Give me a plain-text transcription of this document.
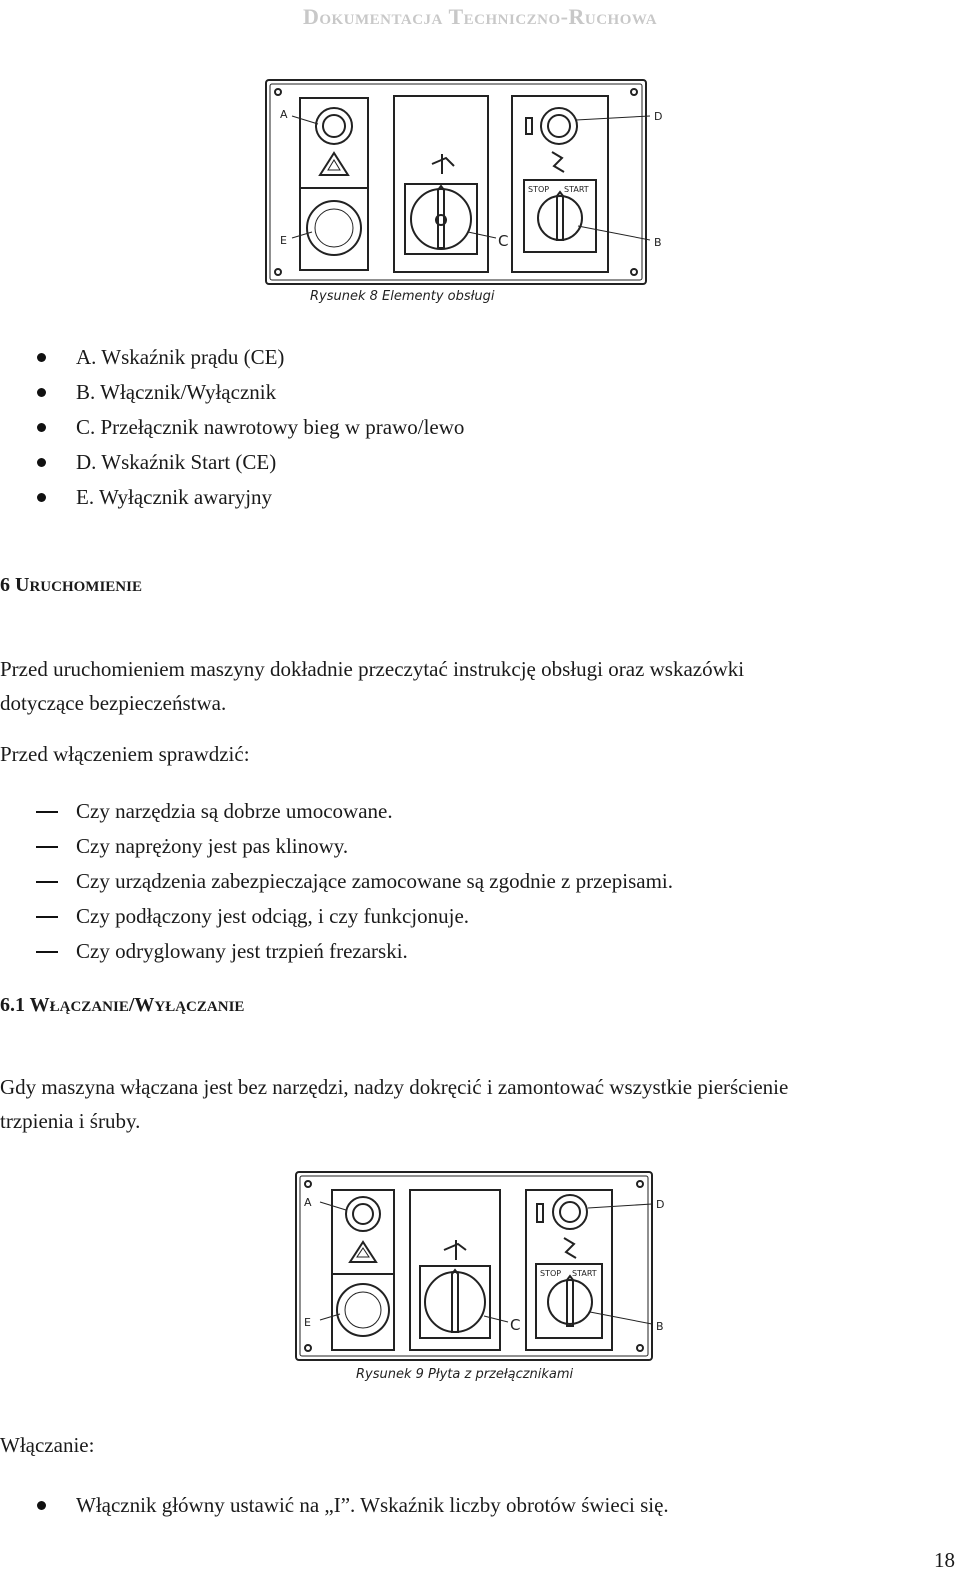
Dokumentacja Techniczno-Ruchowa
A
E	C
D
B
STOP START
Rysunek 8 Elementy obsługi
A. Wskaźnik prądu (CE)
B. Włącznik/Wyłącznik
C. Przełącznik nawrotowy bieg w prawo/lewo
D. Wskaźnik Start (CE)
E. Wyłącznik awaryjny
6 URUCHOMIENIE
Przed uruchomieniem maszyny dokładnie przeczytać instrukcję obsługi oraz wskazówki
dotyczące bezpieczeństwa.
Przed włączeniem sprawdzić:
Czy narzędzia są dobrze umocowane.
Czy naprężony jest pas klinowy.
Czy urządzenia zabezpieczające zamocowane są zgodnie z przepisami.
Czy podłączony jest odciąg, i czy funkcjonuje.
Czy odryglowany jest trzpień frezarski.
6.1 WŁĄCZANIE/WYŁĄCZANIE
Gdy maszyna włączana jest bez narzędzi, nadzy dokręcić i zamontować wszystkie pierścienie
trzpienia i śruby.
A
E	C
D
B
STOP START
Rysunek 9 Płyta z przełącznikami
Włączanie:
Włącznik główny ustawić na „I”. Wskaźnik liczby obrotów świeci się.
18
